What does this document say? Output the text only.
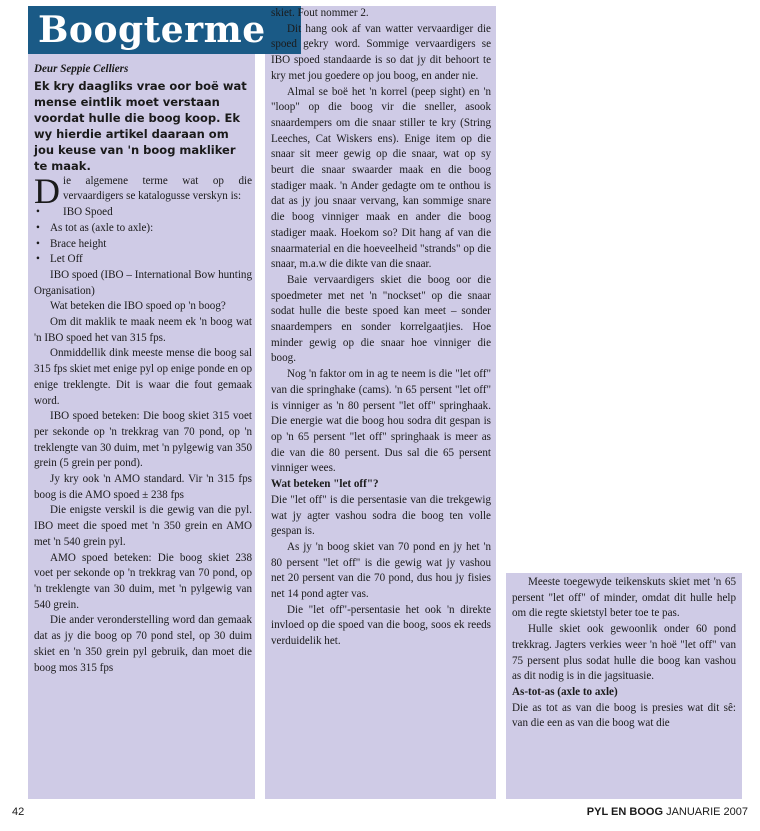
Boogterme

Deur Seppie Celliers

Ek kry daagliks vrae oor boë wat mense eintlik moet verstaan voordat hulle die boog koop. Ek wy hierdie artikel daaraan om jou keuse van 'n boog makliker te maak.

Die algemene terme wat op die vervaardigers se katalogusse verskyn is:

• IBO Spoed
• As tot as (axle to axle):
• Brace height
• Let Off

IBO spoed (IBO – International Bow hunting Organisation)

Wat beteken die IBO spoed op 'n boog?

Om dit maklik te maak neem ek 'n boog wat 'n IBO spoed het van 315 fps.

Onmiddellik dink meeste mense die boog sal 315 fps skiet met enige pyl op enige ponde en op enige treklengte. Dit is waar die fout gemaak word.

IBO spoed beteken: Die boog skiet 315 voet per sekonde op 'n trekkrag van 70 pond, op 'n treklengte van 30 duim, met 'n pylgewig van 350 grein (5 grein per pond).

Jy kry ook 'n AMO standard. Vir 'n 315 fps boog is die AMO spoed ± 238 fps

Die enigste verskil is die gewig van die pyl. IBO meet die spoed met 'n 350 grein en AMO met 'n 540 grein pyl.

AMO spoed beteken: Die boog skiet 238 voet per sekonde op 'n trekkrag van 70 pond, op 'n treklengte van 30 duim, met 'n pylgewig van 540 grein.

Die ander veronderstelling word dan gemaak dat as jy die boog op 70 pond stel, op 30 duim skiet en 'n 350 grein pyl gebruik, dan moet die boog mos 315 fps

skiet. Fout nommer 2.

Dit hang ook af van watter vervaardiger die spoed gekry word. Sommige vervaardigers se IBO spoed standaarde is so dat jy dit behoort te kry met jou goedere op jou boog, en ander nie.

Almal se boë het 'n korrel (peep sight) en 'n "loop" op die boog vir die sneller, asook snaardempers om die snaar stiller te kry (String Leeches, Cat Wiskers ens). Enige item op die snaar sit meer gewig op die snaar, wat op sy beurt die snaar swaarder maak en die boog stadiger maak. 'n Ander gedagte om te onthou is dat as jy jou snaar vervang, kan sommige snare die boog vinniger maak en ander die boog stadiger maak. Hoekom so? Dit hang af van die snaarmaterial en die hoeveelheid "strands" op die snaar, m.a.w die dikte van die snaar.

Baie vervaardigers skiet die boog oor die spoedmeter met net 'n "nockset" op die snaar sodat hulle die beste spoed kan meet – sonder snaardempers en sonder korrelgaatjies. Hoe minder gewig op die snaar hoe vinniger die boog.

Nog 'n faktor om in ag te neem is die "let off" van die springhake (cams). 'n 65 persent "let off" is vinniger as 'n 80 persent "let off" springhaak. Die energie wat die boog hou sodra dit gespan is op 'n 65 persent "let off" springhaak is meer as die van die 80 persent. Dus sal die 65 persent vinniger wees.

Wat beteken "let off"?

Die "let off" is die persentasie van die trekgewig wat jy agter vashou sodra die boog ten volle gespan is.

As jy 'n boog skiet van 70 pond en jy het 'n 80 persent "let off" is die gewig wat jy vashou net 20 persent van die 70 pond, dus hou jy fisies net 14 pond agter vas.

Die "let off"-persentasie het ook 'n direkte invloed op die spoed van die boog, soos ek reeds verduidelik het.

Meeste toegewyde teikenskuts skiet met 'n 65 persent "let off" of minder, omdat dit hulle help om die regte skietstyl beter toe te pas.

Hulle skiet ook gewoonlik onder 60 pond trekkrag. Jagters verkies weer 'n hoë "let off" van 75 persent plus sodat hulle die boog kan vashou as dit nodig is in die jagsituasie.

As-tot-as (axle to axle)

Die as tot as van die boog is presies wat dit sê: van die een as van die boog wat die

42	PYL EN BOOG JANUARIE 2007
